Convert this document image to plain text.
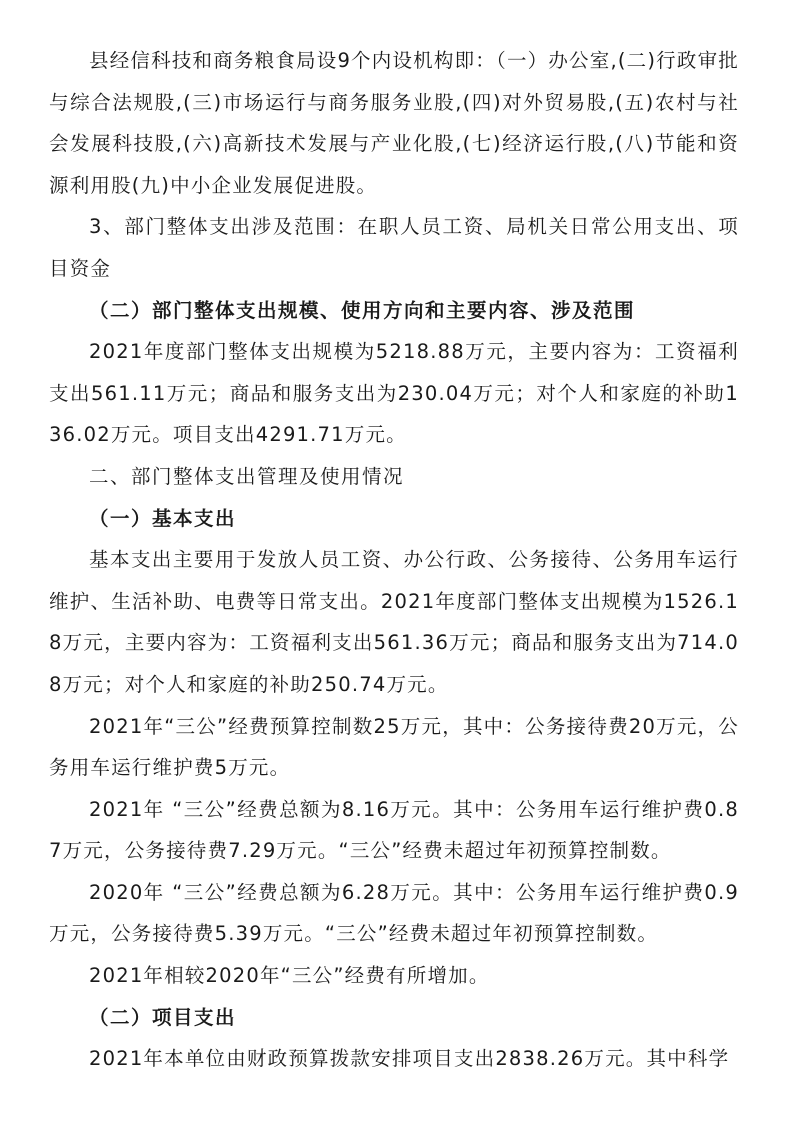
县经信科技和商务粮食局设9个内设机构即：（一）办公室,(二)行政审批与综合法规股,(三)市场运行与商务服务业股,(四)对外贸易股,(五)农村与社会发展科技股,(六)高新技术发展与产业化股,(七)经济运行股,(八)节能和资源利用股(九)中小企业发展促进股。

3、部门整体支出涉及范围：在职人员工资、局机关日常公用支出、项目资金

（二）部门整体支出规模、使用方向和主要内容、涉及范围

2021年度部门整体支出规模为5218.88万元，主要内容为：工资福利支出561.11万元；商品和服务支出为230.04万元；对个人和家庭的补助136.02万元。项目支出4291.71万元。

二、部门整体支出管理及使用情况

（一）基本支出

基本支出主要用于发放人员工资、办公行政、公务接待、公务用车运行维护、生活补助、电费等日常支出。2021年度部门整体支出规模为1526.18万元，主要内容为：工资福利支出561.36万元；商品和服务支出为714.08万元；对个人和家庭的补助250.74万元。

2021年“三公”经费预算控制数25万元，其中：公务接待费20万元，公务用车运行维护费5万元。

2021年 “三公”经费总额为8.16万元。其中：公务用车运行维护费0.87万元，公务接待费7.29万元。“三公”经费未超过年初预算控制数。

2020年 “三公”经费总额为6.28万元。其中：公务用车运行维护费0.9万元，公务接待费5.39万元。“三公”经费未超过年初预算控制数。

2021年相较2020年“三公”经费有所增加。

（二）项目支出

2021年本单位由财政预算拨款安排项目支出2838.26万元。其中科学
